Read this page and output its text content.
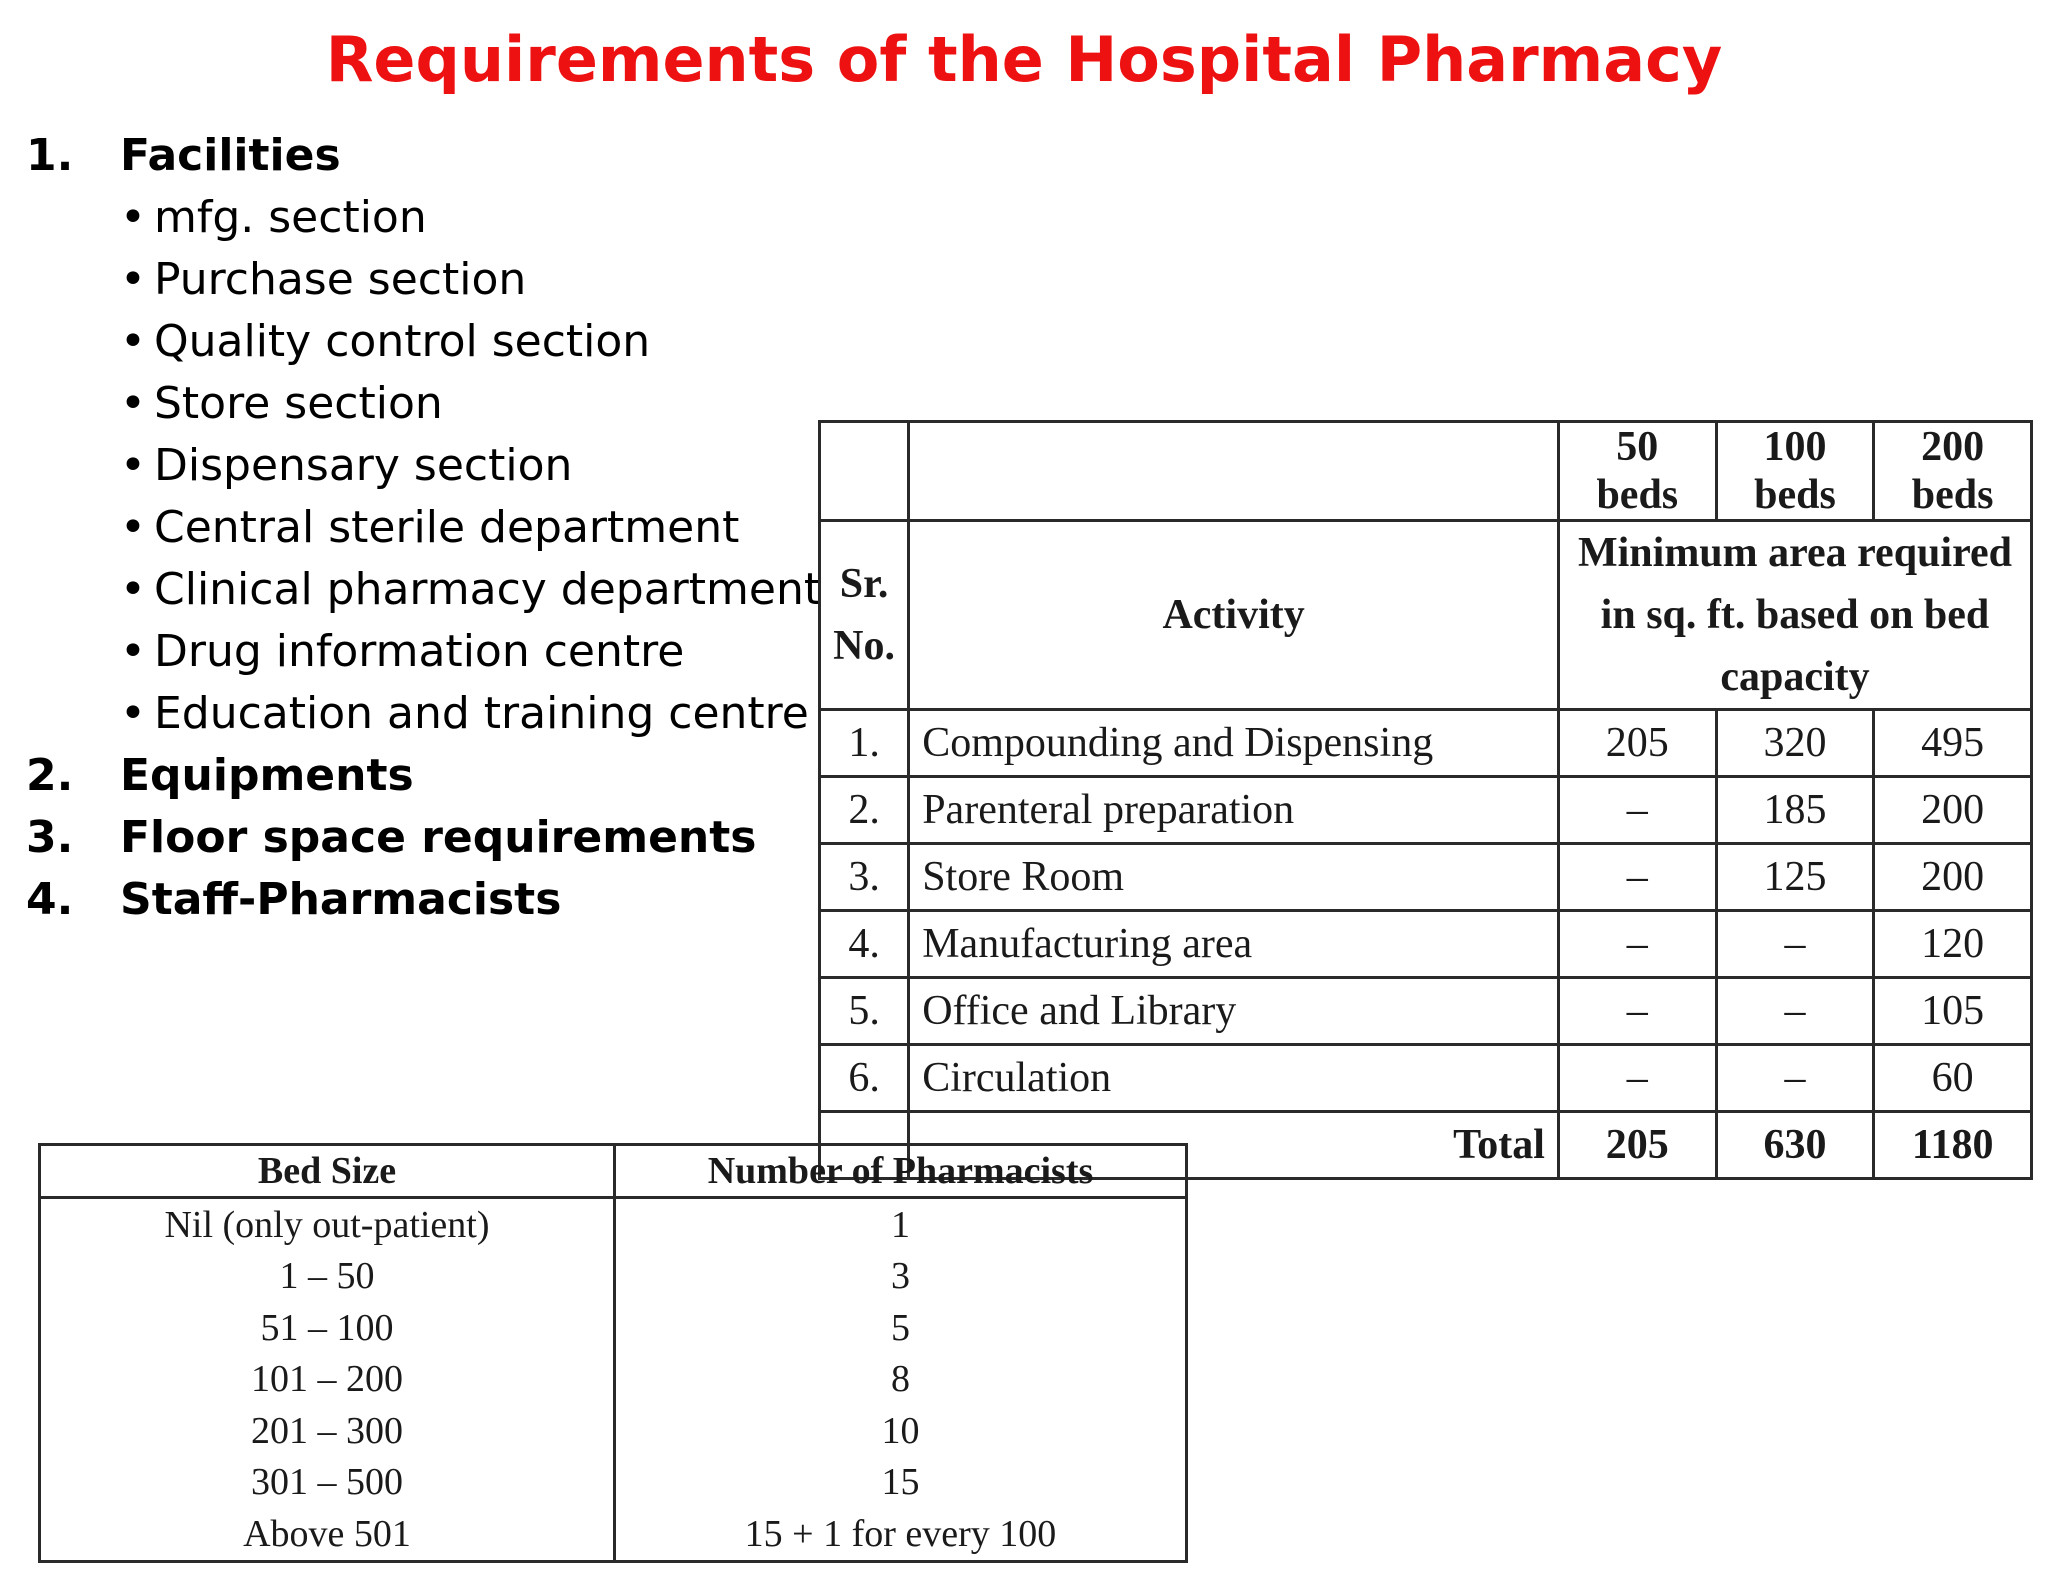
Requirements of the Hospital Pharmacy
1.	Facilities
• mfg. section
• Purchase section
• Quality control section
• Store section
• Dispensary section
• Central sterile department
• Clinical pharmacy department
• Drug information centre
• Education and training centre
2.	Equipments
3.	Floor space requirements
4.	Staff-Pharmacists
		50 beds	100 beds	200 beds
Sr. No.	Activity	Minimum area required in sq. ft. based on bed capacity		
1.	Compounding and Dispensing	205	320	495
2.	Parenteral preparation	–	185	200
3.	Store Room	–	125	200
4.	Manufacturing area	–	–	120
5.	Office and Library	–	–	105
6.	Circulation	–	–	60
	Total	205	630	1180
Bed Size	Number of Pharmacists
Nil (only out-patient)	1
1 – 50	3
51 – 100	5
101 – 200	8
201 – 300	10
301 – 500	15
Above 501	15 + 1 for every 100
